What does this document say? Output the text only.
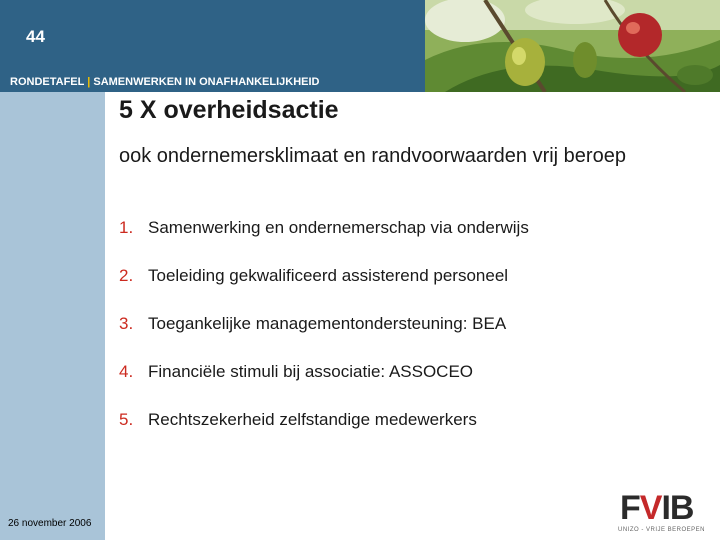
44
RONDETAFEL | SAMENWERKEN IN ONAFHANKELIJKHEID
5 X overheidsactie
ook ondernemersklimaat en randvoorwaarden vrij beroep
1. Samenwerking en ondernemerschap via onderwijs
2. Toeleiding gekwalificeerd assisterend personeel
3. Toegankelijke managementondersteuning: BEA
4. Financiële stimuli bij associatie: ASSOCEO
5. Rechtszekerheid zelfstandige medewerkers
26 november 2006	FVIB
UNIZO - VRIJE BEROEPEN
